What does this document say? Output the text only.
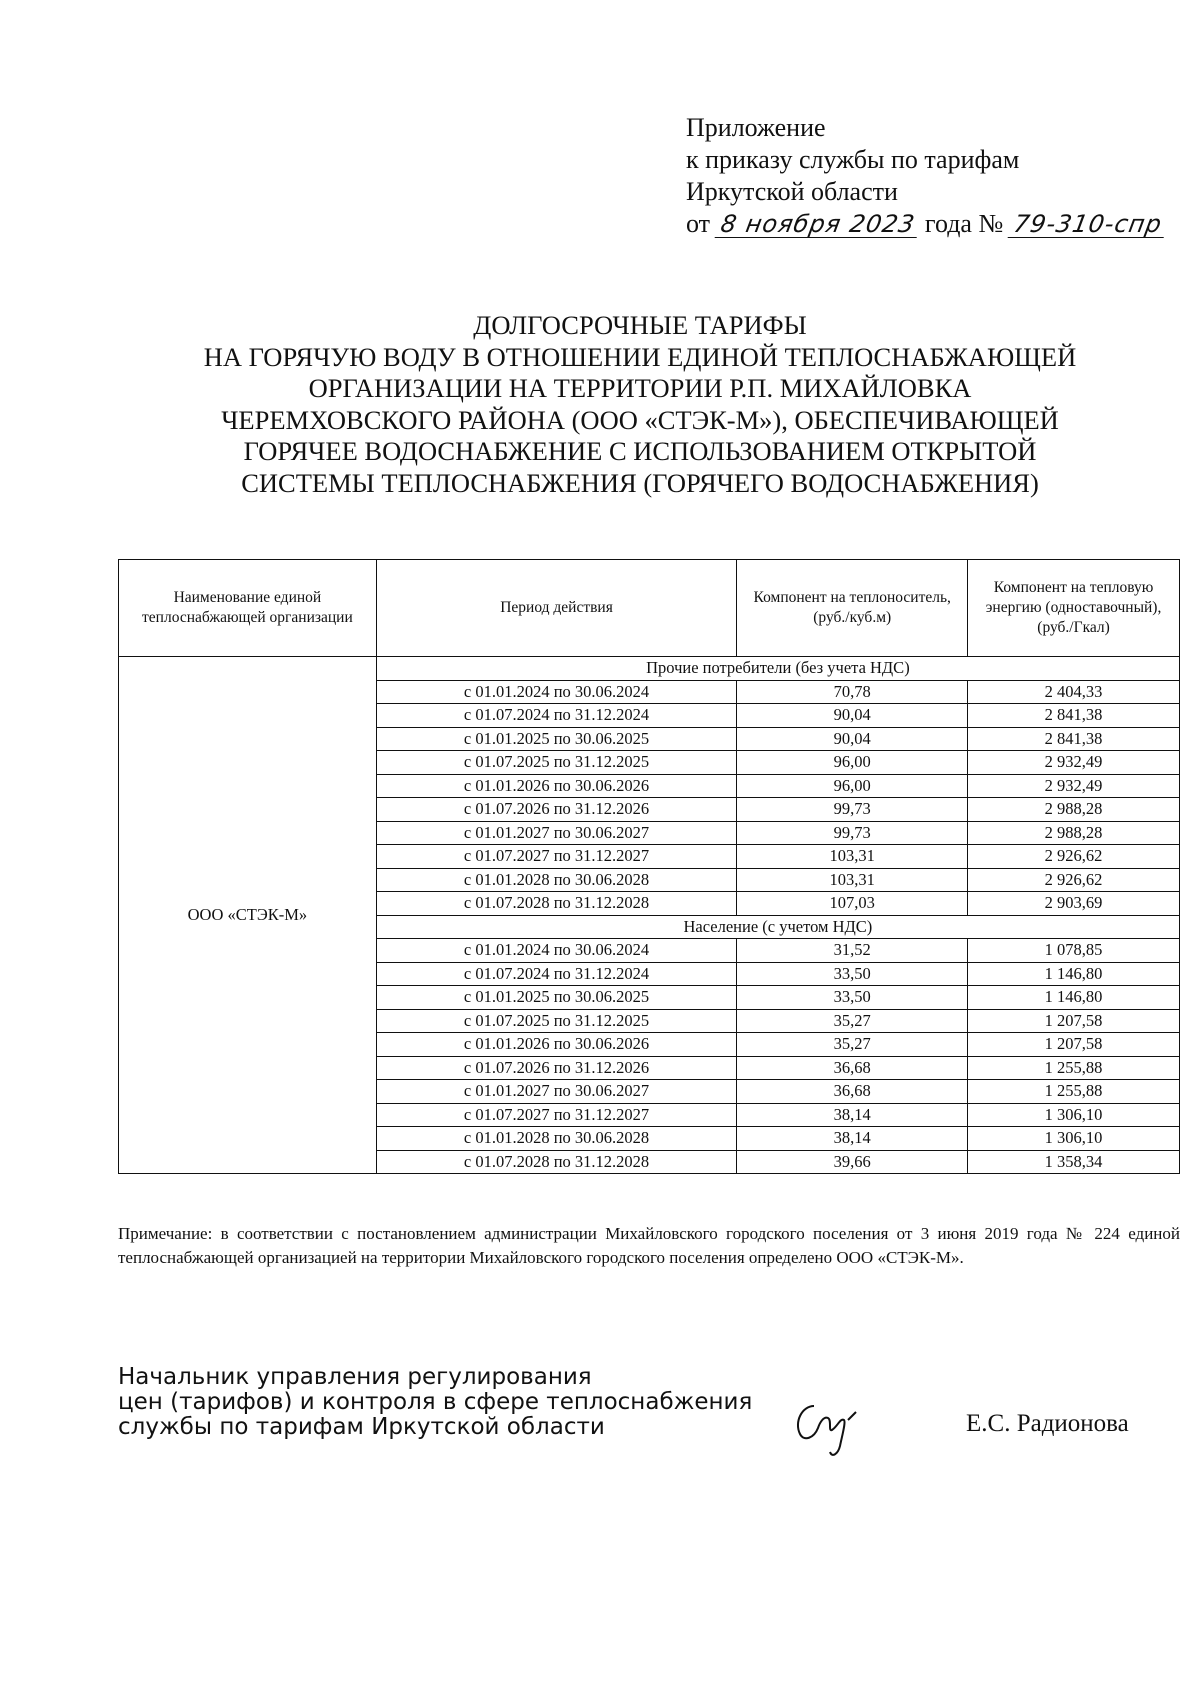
Приложение
к приказу службы по тарифам
Иркутской области
от 8 ноября 2023 года № 79-310-спр
ДОЛГОСРОЧНЫЕ ТАРИФЫ
НА ГОРЯЧУЮ ВОДУ В ОТНОШЕНИИ ЕДИНОЙ ТЕПЛОСНАБЖАЮЩЕЙ
ОРГАНИЗАЦИИ НА ТЕРРИТОРИИ Р.П. МИХАЙЛОВКА
ЧЕРЕМХОВСКОГО РАЙОНА (ООО «СТЭК-М»), ОБЕСПЕЧИВАЮЩЕЙ
ГОРЯЧЕЕ ВОДОСНАБЖЕНИЕ С ИСПОЛЬЗОВАНИЕМ ОТКРЫТОЙ
СИСТЕМЫ ТЕПЛОСНАБЖЕНИЯ (ГОРЯЧЕГО ВОДОСНАБЖЕНИЯ)
Наименование единой теплоснабжающей организации	Период действия	Компонент на теплоноситель, (руб./куб.м)	Компонент на тепловую энергию (одноставочный), (руб./Гкал)
ООО «СТЭК-М»	Прочие потребители (без учета НДС)		
	с 01.01.2024 по 30.06.2024	70,78	2 404,33
	с 01.07.2024 по 31.12.2024	90,04	2 841,38
	с 01.01.2025 по 30.06.2025	90,04	2 841,38
	с 01.07.2025 по 31.12.2025	96,00	2 932,49
	с 01.01.2026 по 30.06.2026	96,00	2 932,49
	с 01.07.2026 по 31.12.2026	99,73	2 988,28
	с 01.01.2027 по 30.06.2027	99,73	2 988,28
	с 01.07.2027 по 31.12.2027	103,31	2 926,62
	с 01.01.2028 по 30.06.2028	103,31	2 926,62
	с 01.07.2028 по 31.12.2028	107,03	2 903,69
	Население (с учетом НДС)		
	с 01.01.2024 по 30.06.2024	31,52	1 078,85
	с 01.07.2024 по 31.12.2024	33,50	1 146,80
	с 01.01.2025 по 30.06.2025	33,50	1 146,80
	с 01.07.2025 по 31.12.2025	35,27	1 207,58
	с 01.01.2026 по 30.06.2026	35,27	1 207,58
	с 01.07.2026 по 31.12.2026	36,68	1 255,88
	с 01.01.2027 по 30.06.2027	36,68	1 255,88
	с 01.07.2027 по 31.12.2027	38,14	1 306,10
	с 01.01.2028 по 30.06.2028	38,14	1 306,10
	с 01.07.2028 по 31.12.2028	39,66	1 358,34
Примечание: в соответствии с постановлением администрации Михайловского городского поселения от 3 июня 2019 года № 224 единой теплоснабжающей организацией на территории Михайловского городского поселения определено ООО «СТЭК-М».
Начальник управления регулирования
цен (тарифов) и контроля в сфере теплоснабжения
службы по тарифам Иркутской области	Е.С. Радионова
